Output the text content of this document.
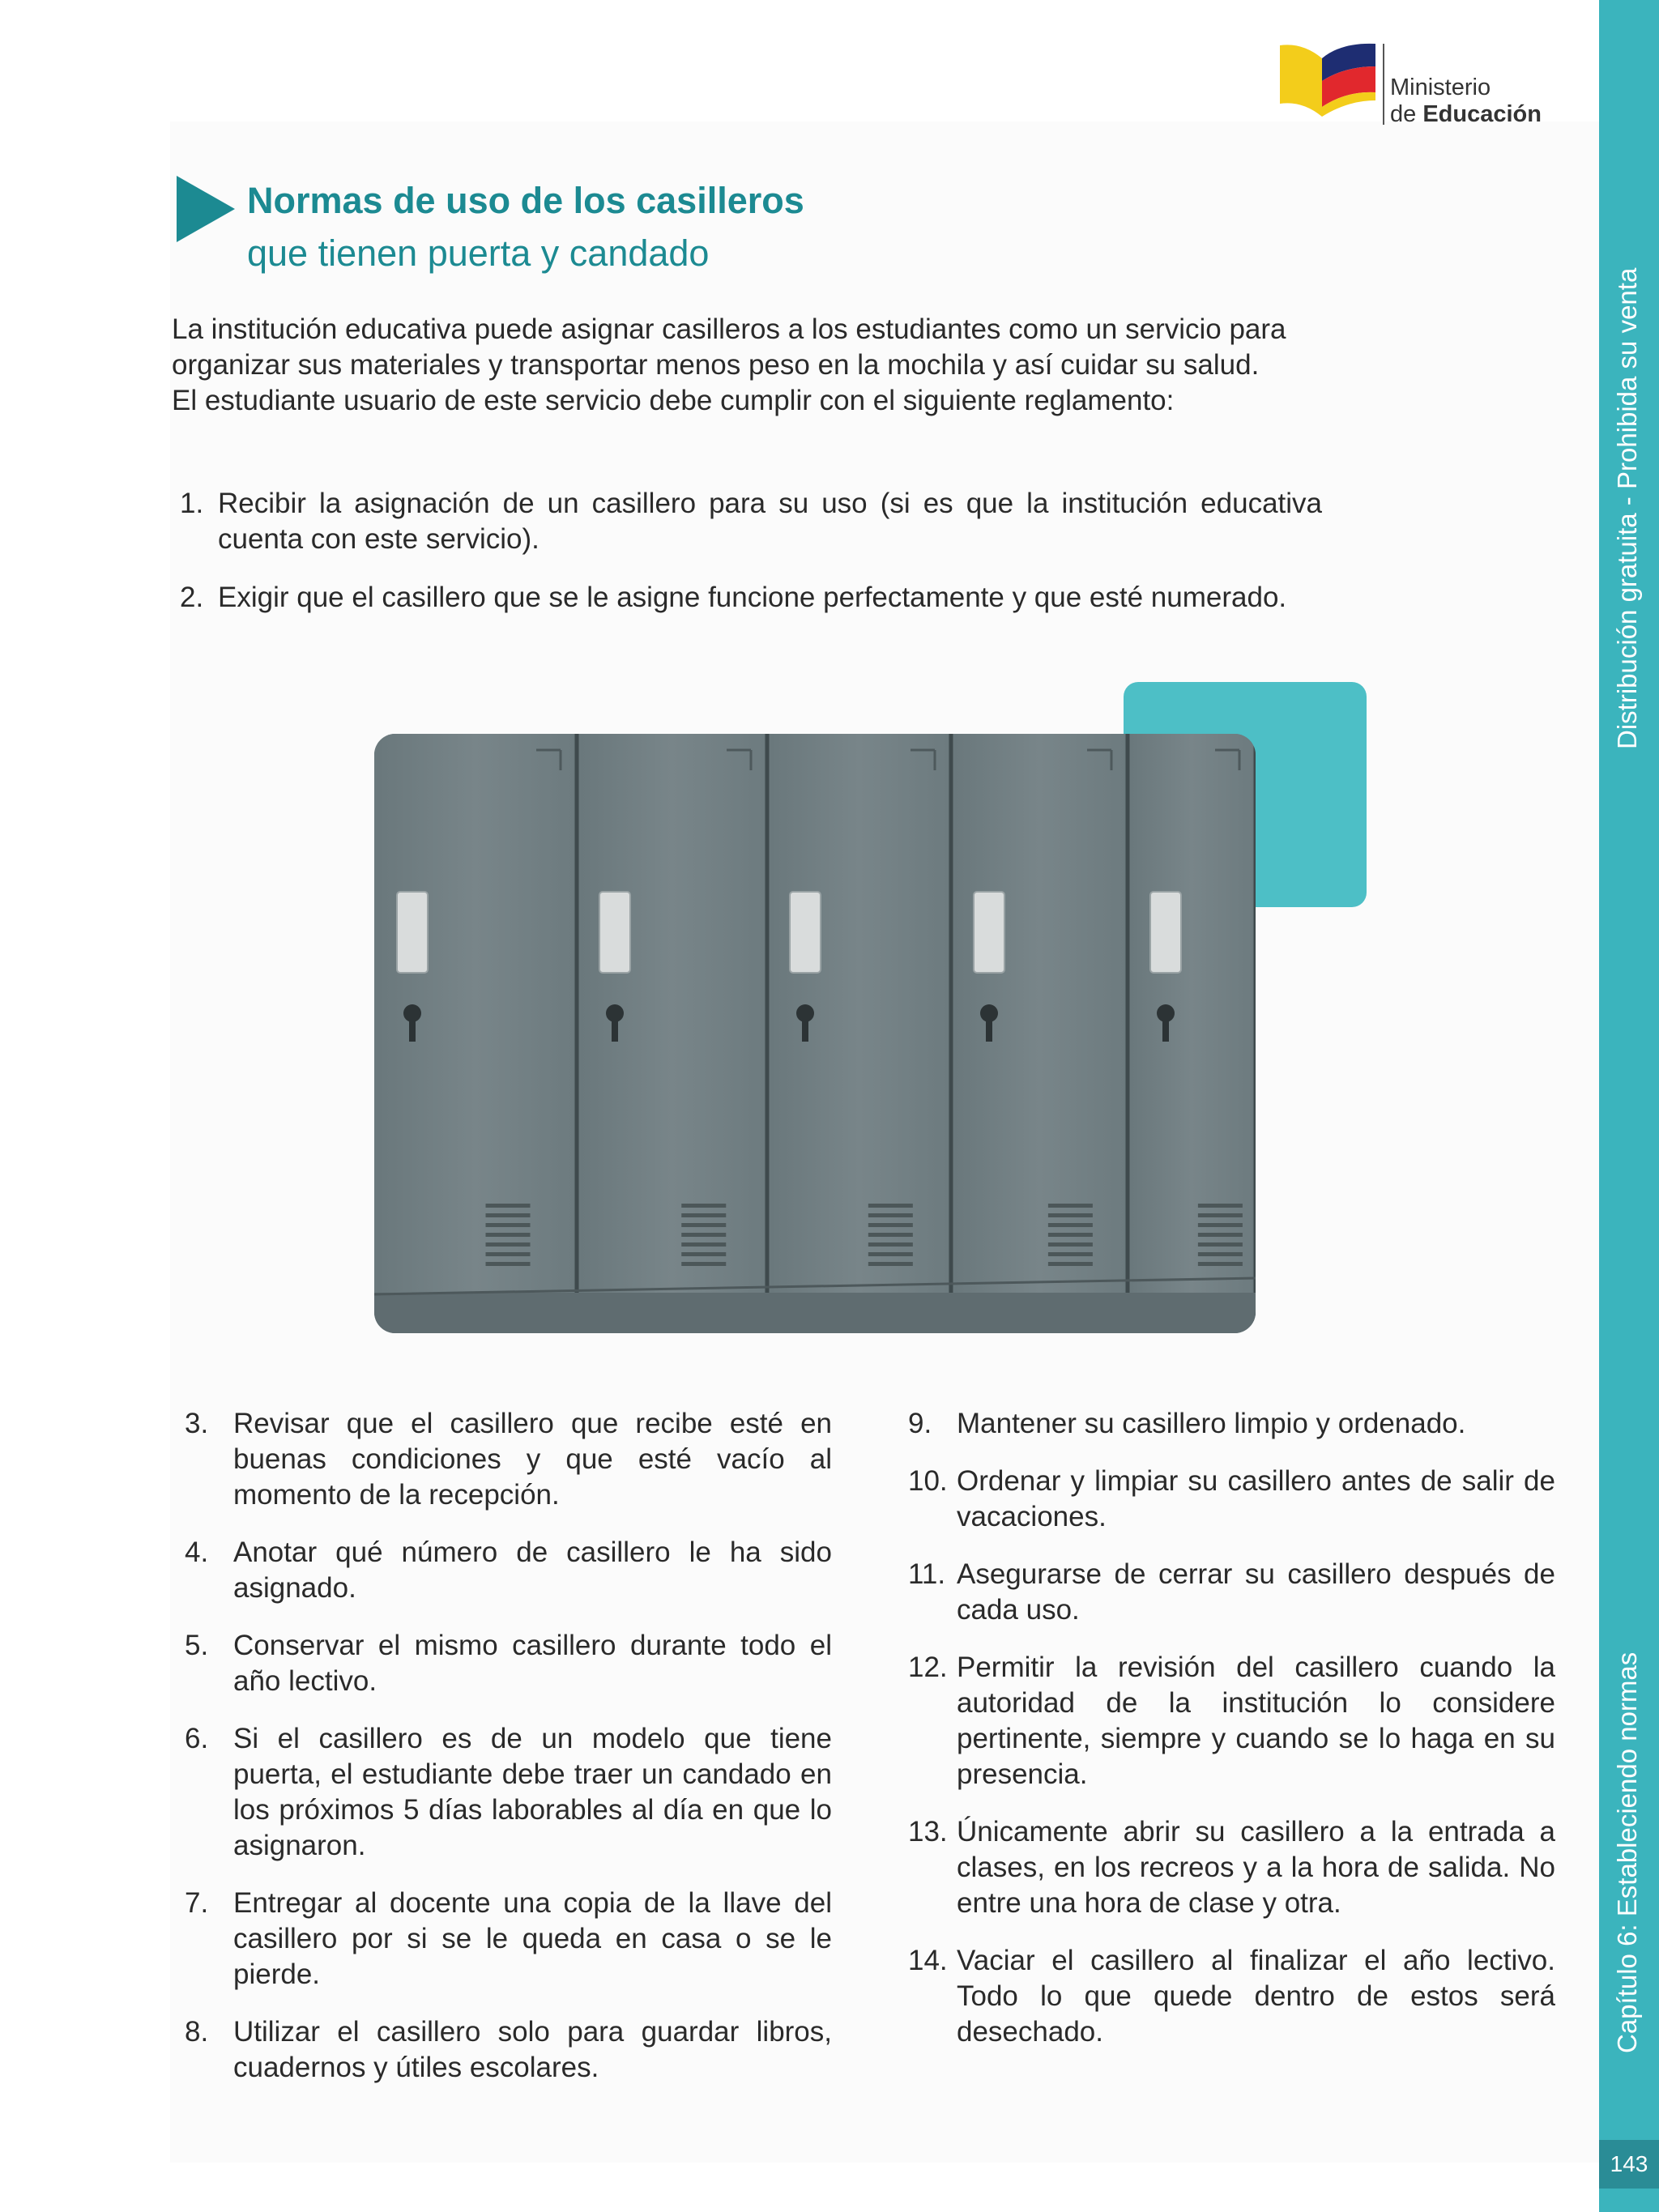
Ministerio
de Educación
Normas de uso de los casilleros
que tienen puerta y candado
La institución educativa puede asignar casilleros a los estudiantes como un servicio para
organizar sus materiales y transportar menos peso en la mochila y así cuidar su salud.
El estudiante usuario de este servicio debe cumplir con el siguiente reglamento:
1. Recibir la asignación de un casillero para su uso (si es que la institución educativa cuenta con este servicio).
2. Exigir que el casillero que se le asigne funcione perfectamente y que esté numerado.
3. Revisar que el casillero que recibe esté en buenas condiciones y que esté vacío al momento de la recepción.
4. Anotar qué número de casillero le ha sido asignado.
5. Conservar el mismo casillero durante todo el año lectivo.
6. Si el casillero es de un modelo que tiene puerta, el estudiante debe traer un candado en los próximos 5 días laborables al día en que lo asignaron.
7. Entregar al docente una copia de la llave del casillero por si se le queda en casa o se le pierde.
8. Utilizar el casillero solo para guardar libros, cuadernos y útiles escolares.
9. Mantener su casillero limpio y ordenado.
10. Ordenar y limpiar su casillero antes de salir de vacaciones.
11. Asegurarse de cerrar su casillero después de cada uso.
12. Permitir la revisión del casillero cuando la autoridad de la institución lo considere pertinente, siempre y cuando se lo haga en su presencia.
13. Únicamente abrir su casillero a la entrada a clases, en los recreos y a la hora de salida. No entre una hora de clase y otra.
14. Vaciar el casillero al finalizar el año lectivo. Todo lo que quede dentro de estos será desechado.
Distribución gratuita - Prohibida su venta
Capítulo 6: Estableciendo normas
143
